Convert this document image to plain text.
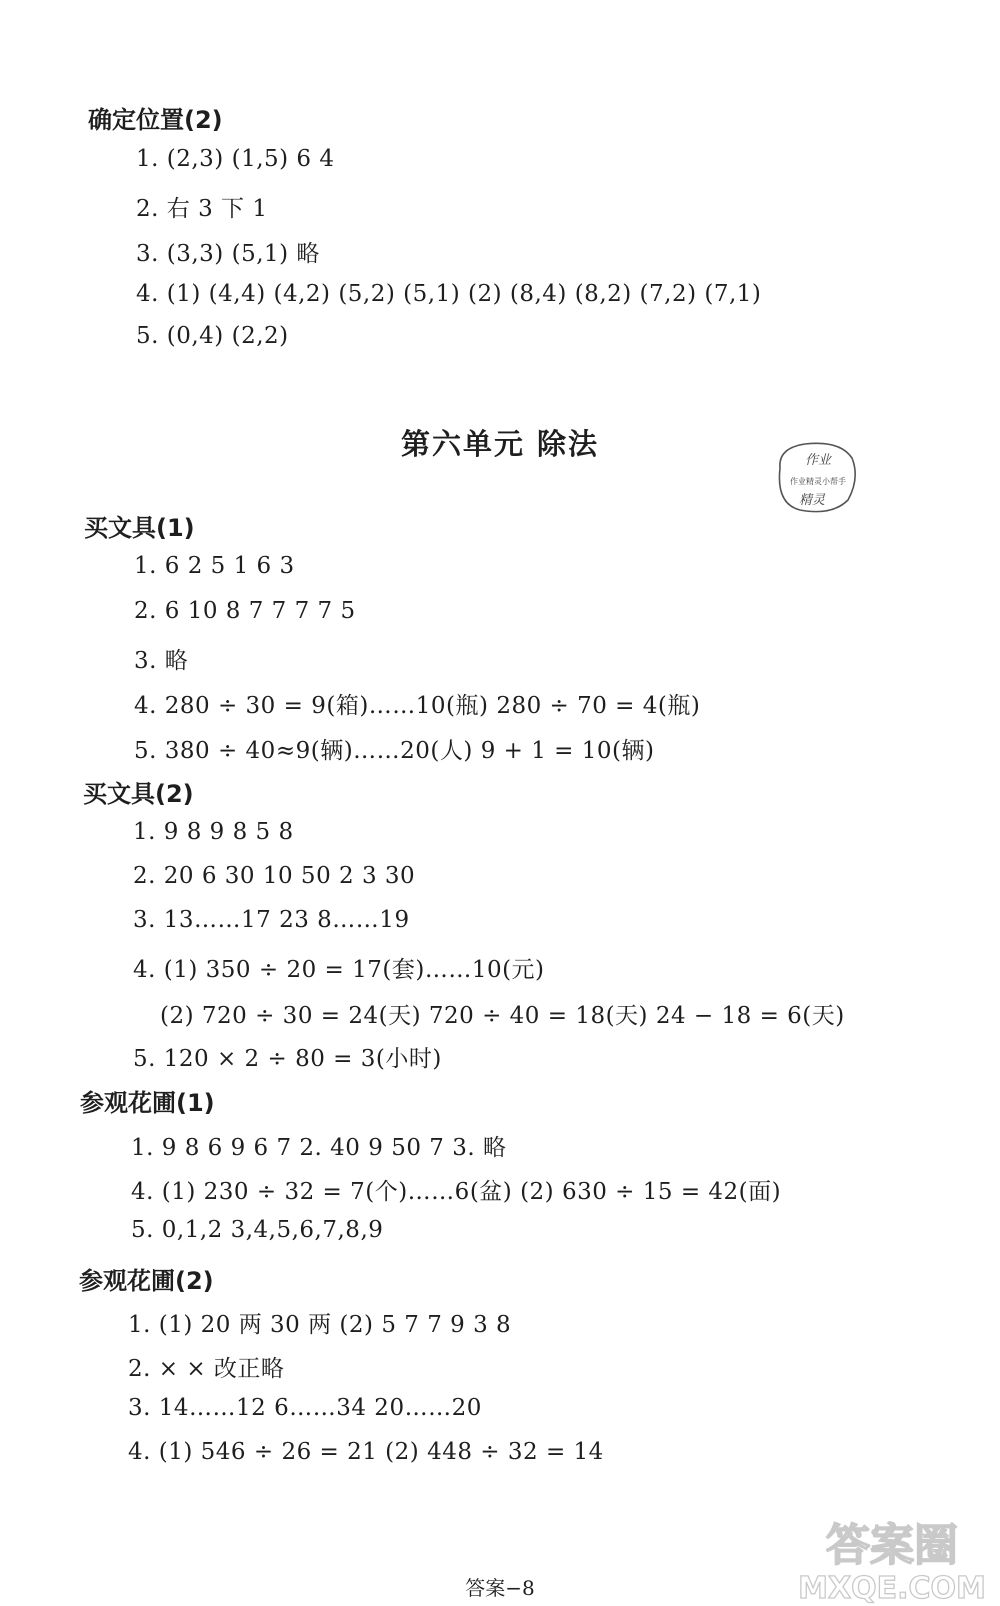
确定位置(2)
1. (2,3) (1,5) 6 4
2. 右 3 下 1
3. (3,3) (5,1) 略
4. (1) (4,4) (4,2) (5,2) (5,1) (2) (8,4) (8,2) (7,2) (7,1)
5. (0,4) (2,2)
第六单元 除法	作业
作业精灵小帮手
精灵
买文具(1)
1. 6 2 5 1 6 3
2. 6 10 8 7 7 7 7 5
3. 略
4. 280 ÷ 30 = 9(箱)……10(瓶) 280 ÷ 70 = 4(瓶)
5. 380 ÷ 40≈9(辆)……20(人) 9 + 1 = 10(辆)
买文具(2)
1. 9 8 9 8 5 8
2. 20 6 30 10 50 2 3 30
3. 13……17 23 8……19
4. (1) 350 ÷ 20 = 17(套)……10(元)
(2) 720 ÷ 30 = 24(天) 720 ÷ 40 = 18(天) 24 − 18 = 6(天)
5. 120 × 2 ÷ 80 = 3(小时)
参观花圃(1)
1. 9 8 6 9 6 7 2. 40 9 50 7 3. 略
4. (1) 230 ÷ 32 = 7(个)……6(盆) (2) 630 ÷ 15 = 42(面)
5. 0,1,2 3,4,5,6,7,8,9
参观花圃(2)
1. (1) 20 两 30 两 (2) 5 7 7 9 3 8
2. × × 改正略
3. 14……12 6……34 20……20
4. (1) 546 ÷ 26 = 21 (2) 448 ÷ 32 = 14
答案圈
MXQE.COM
答案−8
